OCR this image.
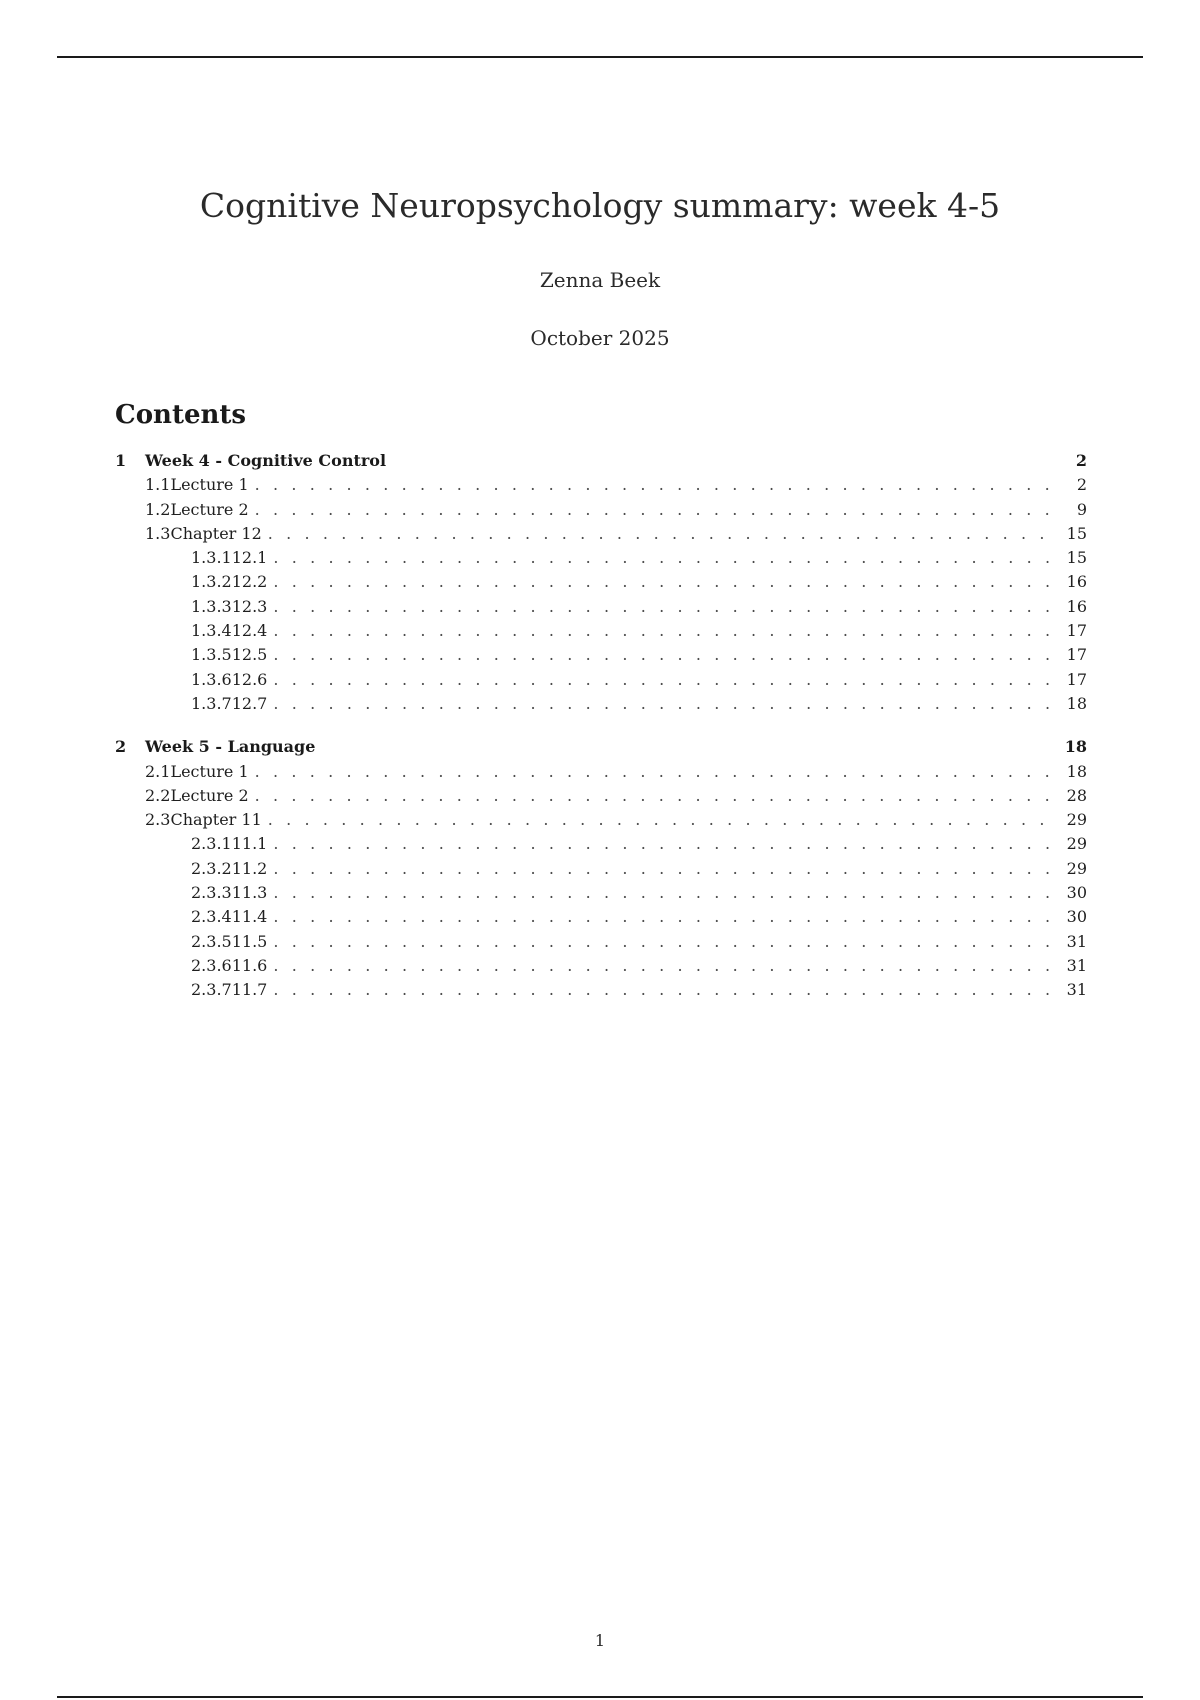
Cognitive Neuropsychology summary: week 4-5
Zenna Beek
October 2025
Contents
1	Week 4 - Cognitive Control	2
1.1 Lecture 1 . . .	2
1.2 Lecture 2 . . .	9
1.3 Chapter 12 . . .	15
1.3.1 12.1 . . .	15
1.3.2 12.2 . . .	16
1.3.3 12.3 . . .	16
1.3.4 12.4 . . .	17
1.3.5 12.5 . . .	17
1.3.6 12.6 . . .	17
1.3.7 12.7 . . .	18
2	Week 5 - Language	18
2.1 Lecture 1 . . .	18
2.2 Lecture 2 . . .	28
2.3 Chapter 11 . . .	29
2.3.1 11.1 . . .	29
2.3.2 11.2 . . .	29
2.3.3 11.3 . . .	30
2.3.4 11.4 . . .	30
2.3.5 11.5 . . .	31
2.3.6 11.6 . . .	31
2.3.7 11.7 . . .	31
1
